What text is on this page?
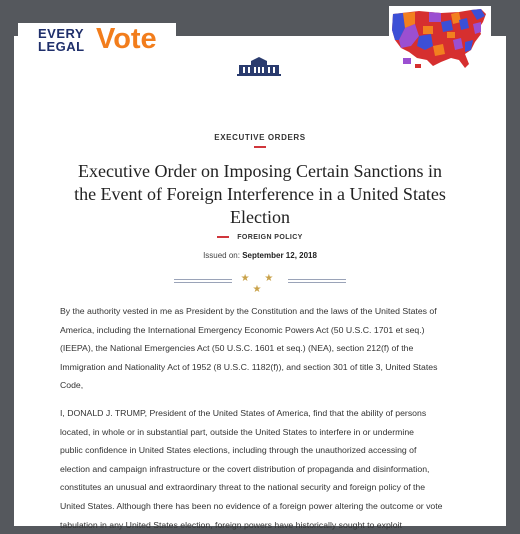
EVERY
LEGAL Vote
EXECUTIVE ORDERS
Executive Order on Imposing Certain Sanctions in
the Event of Foreign Interference in a United States
Election
FOREIGN POLICY
Issued on: September 12, 2018
★ ★ ★
By the authority vested in me as President by the Constitution and the laws of the United States of
America, including the International Emergency Economic Powers Act (50 U.S.C. 1701 et seq.)
(IEEPA), the National Emergencies Act (50 U.S.C. 1601 et seq.) (NEA), section 212(f) of the
Immigration and Nationality Act of 1952 (8 U.S.C. 1182(f)), and section 301 of title 3, United States
Code,
I, DONALD J. TRUMP, President of the United States of America, find that the ability of persons
located, in whole or in substantial part, outside the United States to interfere in or undermine
public confidence in United States elections, including through the unauthorized accessing of
election and campaign infrastructure or the covert distribution of propaganda and disinformation,
constitutes an unusual and extraordinary threat to the national security and foreign policy of the
United States. Although there has been no evidence of a foreign power altering the outcome or vote
tabulation in any United States election, foreign powers have historically sought to exploit
